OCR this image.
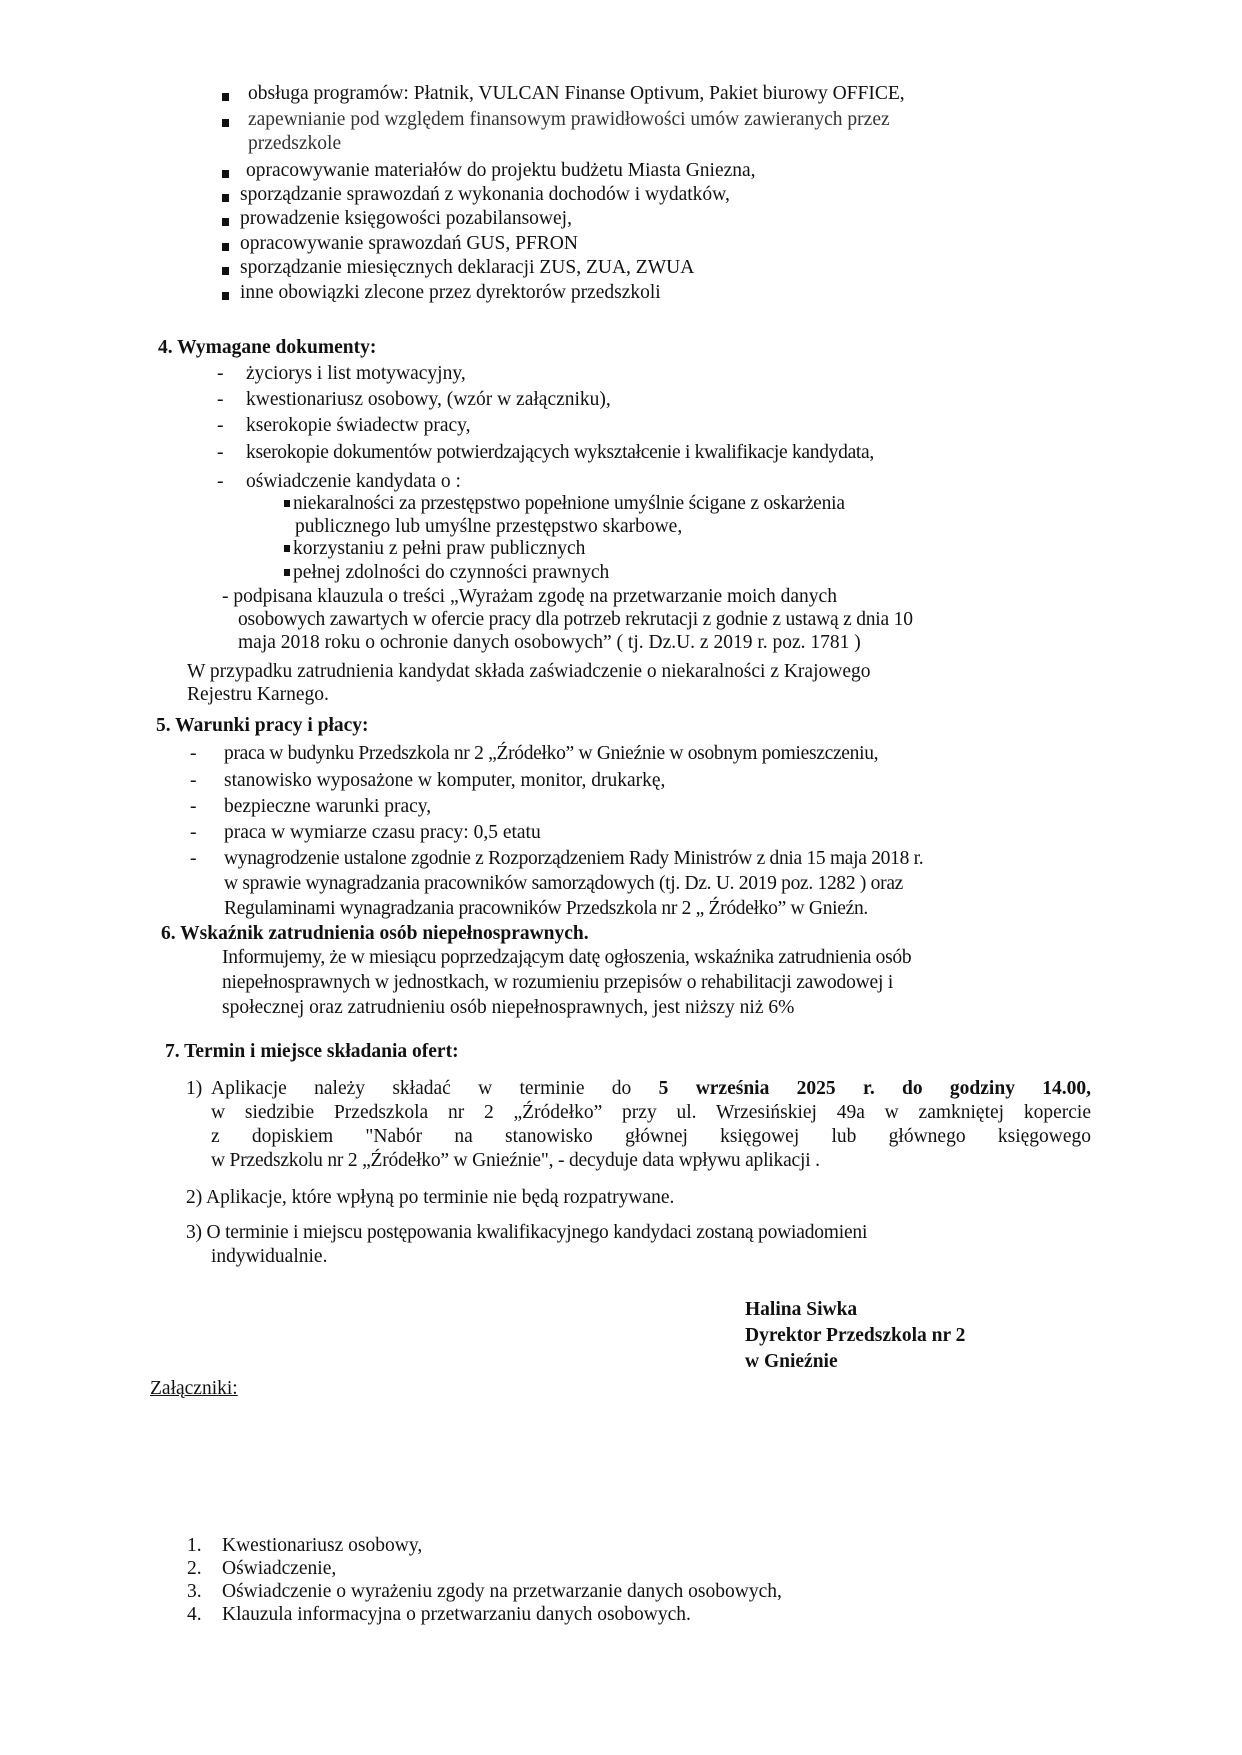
obsługa programów: Płatnik, VULCAN Finanse Optivum, Pakiet biurowy OFFICE,
zapewnianie pod względem finansowym prawidłowości umów zawieranych przez
przedszkole
opracowywanie materiałów do projektu budżetu Miasta Gniezna,
sporządzanie sprawozdań z wykonania dochodów i wydatków,
prowadzenie księgowości pozabilansowej,
opracowywanie sprawozdań GUS, PFRON
sporządzanie miesięcznych deklaracji ZUS, ZUA, ZWUA
inne obowiązki zlecone przez dyrektorów przedszkoli
4. Wymagane dokumenty:
- życiorys i list motywacyjny,
- kwestionariusz osobowy, (wzór w załączniku),
- kserokopie świadectw pracy,
- kserokopie dokumentów potwierdzających wykształcenie i kwalifikacje kandydata,
- oświadczenie kandydata o :
niekaralności za przestępstwo popełnione umyślnie ścigane z oskarżenia
publicznego lub umyślne przestępstwo skarbowe,
korzystaniu z pełni praw publicznych
pełnej zdolności do czynności prawnych
- podpisana klauzula o treści „Wyrażam zgodę na przetwarzanie moich danych
osobowych zawartych w ofercie pracy dla potrzeb rekrutacji z godnie z ustawą z dnia 10
maja 2018 roku o ochronie danych osobowych” ( tj. Dz.U. z 2019 r. poz. 1781 )
W przypadku zatrudnienia kandydat składa zaświadczenie o niekaralności z Krajowego
Rejestru Karnego.
5. Warunki pracy i płacy:
- praca w budynku Przedszkola nr 2 „Źródełko” w Gnieźnie w osobnym pomieszczeniu,
- stanowisko wyposażone w komputer, monitor, drukarkę,
- bezpieczne warunki pracy,
- praca w wymiarze czasu pracy: 0,5 etatu
- wynagrodzenie ustalone zgodnie z Rozporządzeniem Rady Ministrów z dnia 15 maja 2018 r.
w sprawie wynagradzania pracowników samorządowych (tj. Dz. U. 2019 poz. 1282 ) oraz
Regulaminami wynagradzania pracowników Przedszkola nr 2 „ Źródełko” w Gnieźn.
6. Wskaźnik zatrudnienia osób niepełnosprawnych.
Informujemy, że w miesiącu poprzedzającym datę ogłoszenia, wskaźnika zatrudnienia osób
niepełnosprawnych w jednostkach, w rozumieniu przepisów o rehabilitacji zawodowej i
społecznej oraz zatrudnieniu osób niepełnosprawnych, jest niższy niż 6%
7. Termin i miejsce składania ofert:
1) Aplikacje należy składać w terminie do 5 września 2025 r. do godziny 14.00,
w siedzibie Przedszkola nr 2 „Źródełko” przy ul. Wrzesińskiej 49a w zamkniętej kopercie
z dopiskiem "Nabór na stanowisko głównej księgowej lub głównego księgowego
w Przedszkolu nr 2 „Źródełko” w Gnieźnie", - decyduje data wpływu aplikacji .
2) Aplikacje, które wpłyną po terminie nie będą rozpatrywane.
3) O terminie i miejscu postępowania kwalifikacyjnego kandydaci zostaną powiadomieni
indywidualnie.
Halina Siwka
Dyrektor Przedszkola nr 2
w Gnieźnie
Załączniki:
1. Kwestionariusz osobowy,
2. Oświadczenie,
3. Oświadczenie o wyrażeniu zgody na przetwarzanie danych osobowych,
4. Klauzula informacyjna o przetwarzaniu danych osobowych.
